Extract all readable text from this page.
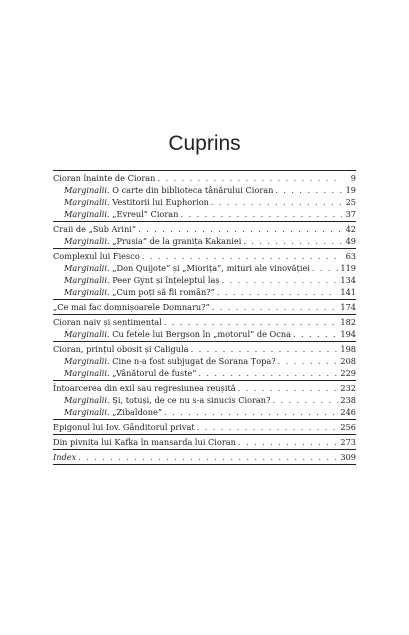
Cuprins
Cioran înainte de Cioran . . .	9
Marginalii. O carte din biblioteca tânărului Cioran . . .	19
Marginalii. Vestitorii lui Euphorion . . .	25
Marginalii. „Evreul” Cioran . . .	37
Craii de „Sub Arini” . . .	42
Marginalii. „Prusia” de la granița Kakaniei . . .	49
Complexul lui Fiesco . . .	63
Marginalii. „Don Quijote” și „Miorița”, mituri ale vinovăției . . .	119
Marginalii. Peer Gynt și înțeleptul laș . . .	134
Marginalii. „Cum poți să fii român?” . . .	141
„Ce mai fac domnișoarele Domnaru?” . . .	174
Cioran naiv și sentimental . . .	182
Marginalii. Cu fetele lui Bergson în „motorul” de Ocna . . .	194
Cioran, prințul obosit și Caligula . . .	198
Marginalii. Cine n-a fost subjugat de Sorana Țopa? . . .	208
Marginalii. „Vânătorul de fuste” . . .	229
Întoarcerea din exil sau regresiunea reușită . . .	232
Marginalii. Și, totuși, de ce nu s-a sinucis Cioran? . . .	238
Marginalii. „Zibaldone” . . .	246
Epigonul lui Iov. Gânditorul privat . . .	256
Din pivnița lui Kafka în mansarda lui Cioran . . .	273
Index . . .	309
